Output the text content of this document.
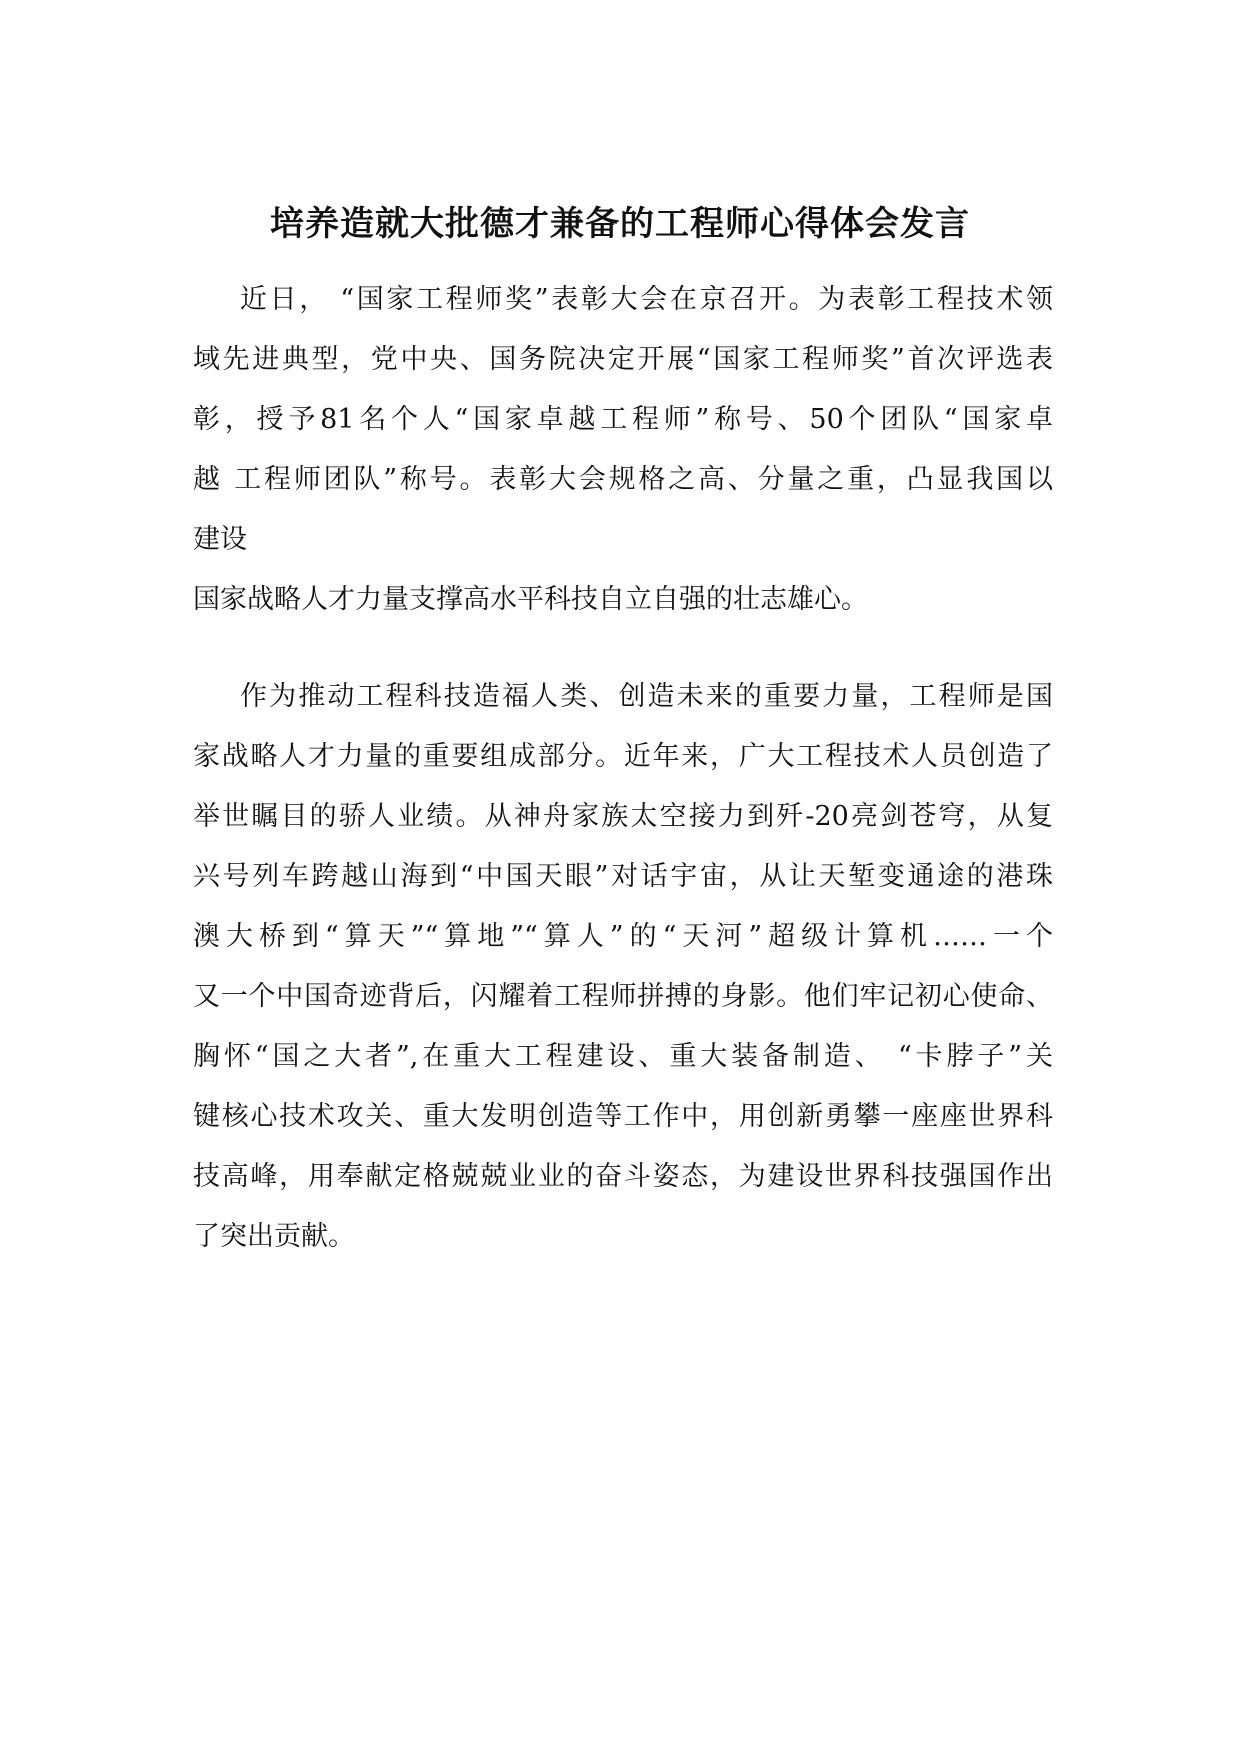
培养造就大批德才兼备的工程师心得体会发言
近日， “国家工程师奖”表彰大会在京召开。为表彰工程技术领
域先进典型，党中央、国务院决定开展“国家工程师奖”首次评选表
彰，授予81名个人“国家卓越工程师”称号、50个团队“国家卓
越 工程师团队”称号。表彰大会规格之高、分量之重，凸显我国以
建设
国家战略人才力量支撑高水平科技自立自强的壮志雄心。
作为推动工程科技造福人类、创造未来的重要力量，工程师是国
家战略人才力量的重要组成部分。近年来，广大工程技术人员创造了
举世瞩目的骄人业绩。从神舟家族太空接力到歼-20亮剑苍穹，从复
兴号列车跨越山海到“中国天眼”对话宇宙，从让天堑变通途的港珠
澳大桥到“算天”“算地”“算人”的“天河”超级计算机……一个
又一个中国奇迹背后，闪耀着工程师拼搏的身影。他们牢记初心使命、
胸怀“国之大者”,在重大工程建设、重大装备制造、 “卡脖子”关
键核心技术攻关、重大发明创造等工作中，用创新勇攀一座座世界科
技高峰，用奉献定格兢兢业业的奋斗姿态，为建设世界科技强国作出
了突出贡献。
